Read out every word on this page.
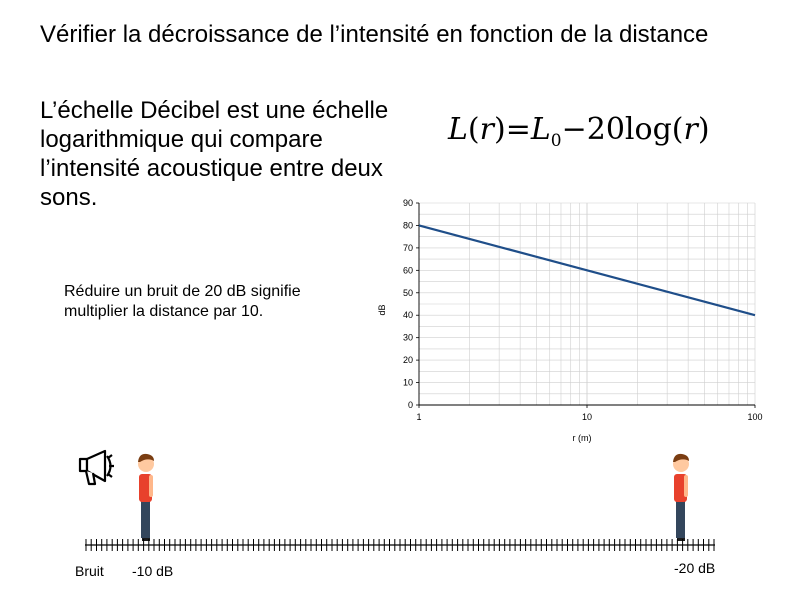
Vérifier la décroissance de l’intensité en fonction de la distance
L’échelle Décibel est une échelle logarithmique qui compare l’intensité acoustique entre deux sons.
$L(r)=L_0-20\log(r)$
Réduire un bruit de 20 dB signifie multiplier la distance par 10.
0
10
20
30
40
50
60
70
80
90
1	10	100
r (m)
dB
Bruit -10 dB	-20 dB
